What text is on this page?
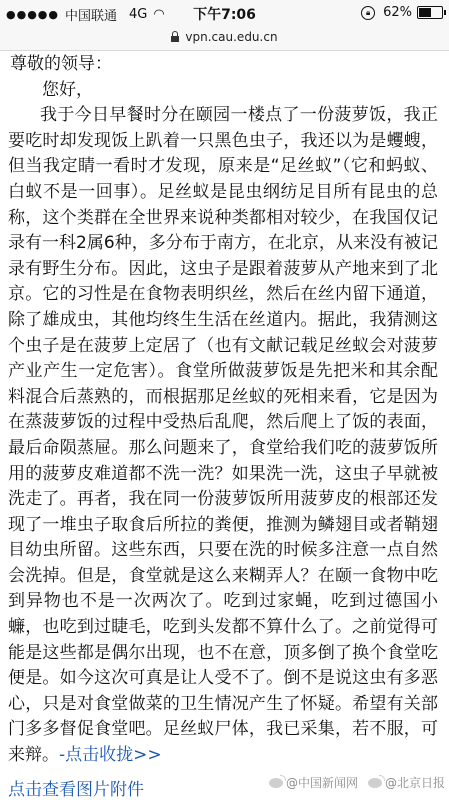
●●●●● 中国联通 4G ◠	下午7:06	🔒︎ 62%
vpn.cau.edu.cn
尊敬的领导：
您好，

我于今日早餐时分在颐园一楼点了一份菠萝饭，我正要吃时却发现饭上趴着一只黑色虫子，我还以为是蠼螋，但当我定睛一看时才发现，原来是“足丝蚁”（它和蚂蚁、白蚁不是一回事）。足丝蚁是昆虫纲纺足目所有昆虫的总称，这个类群在全世界来说种类都相对较少，在我国仅记录有一科2属6种，多分布于南方，在北京，从来没有被记录有野生分布。因此，这虫子是跟着菠萝从产地来到了北京。它的习性是在食物表明织丝，然后在丝内留下通道，除了雄成虫，其他均终生生活在丝道内。据此，我猜测这个虫子是在菠萝上定居了（也有文献记载足丝蚁会对菠萝产业产生一定危害）。食堂所做菠萝饭是先把米和其余配料混合后蒸熟的，而根据那足丝蚁的死相来看，它是因为在蒸菠萝饭的过程中受热后乱爬，然后爬上了饭的表面，最后命陨蒸屉。那么问题来了，食堂给我们吃的菠萝饭所用的菠萝皮难道都不洗一洗？如果洗一洗，这虫子早就被洗走了。再者，我在同一份菠萝饭所用菠萝皮的根部还发现了一堆虫子取食后所拉的粪便，推测为鳞翅目或者鞘翅目幼虫所留。这些东西，只要在洗的时候多注意一点自然会洗掉。但是，食堂就是这么来糊弄人？在颐一食物中吃到异物也不是一次两次了。吃到过家蝇，吃到过德国小蠊，也吃到过睫毛，吃到头发都不算什么了。之前觉得可能是这些都是偶尔出现，也不在意，顶多倒了换个食堂吃便是。如今这次可真是让人受不了。倒不是说这虫有多恶心，只是对食堂做菜的卫生情况产生了怀疑。希望有关部门多多督促食堂吧。足丝蚁尸体，我已采集，若不服，可来辩。-点击收拢>>

点击查看图片附件	@中国新闻网 @北京日报
